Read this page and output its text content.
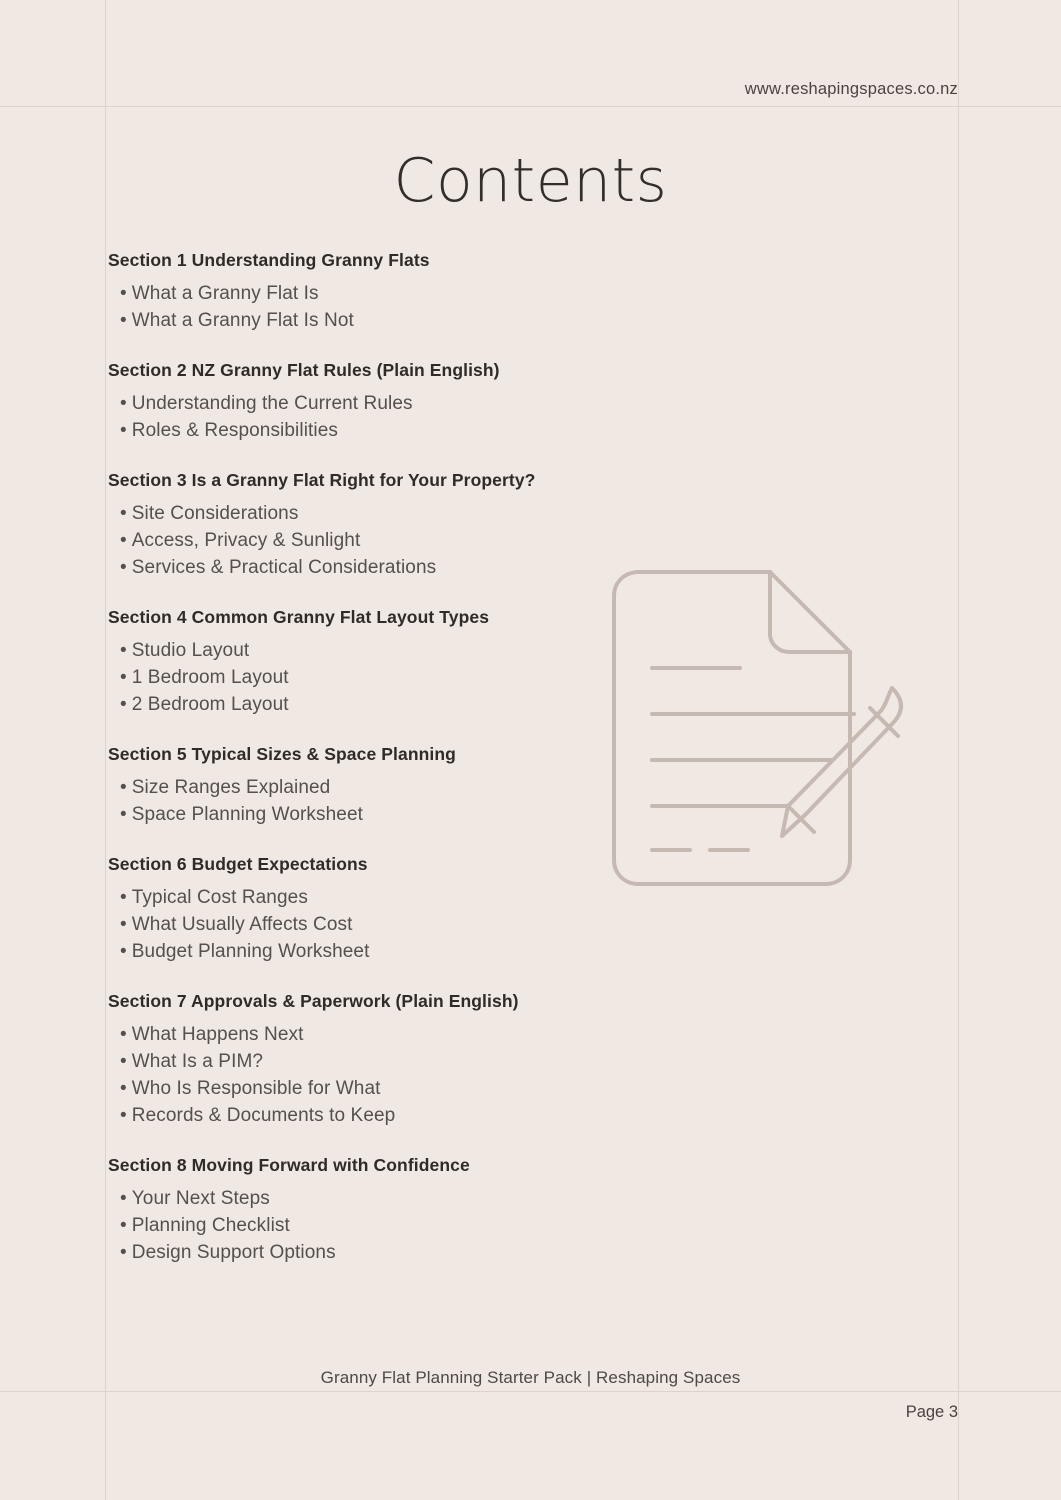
www.reshapingspaces.co.nz
Contents
Section 1 Understanding Granny Flats
• What a Granny Flat Is
• What a Granny Flat Is Not
Section 2 NZ Granny Flat Rules (Plain English)
• Understanding the Current Rules
• Roles & Responsibilities
Section 3 Is a Granny Flat Right for Your Property?
• Site Considerations
• Access, Privacy & Sunlight
• Services & Practical Considerations
Section 4 Common Granny Flat Layout Types
• Studio Layout
• 1 Bedroom Layout
• 2 Bedroom Layout
Section 5 Typical Sizes & Space Planning
• Size Ranges Explained
• Space Planning Worksheet
Section 6 Budget Expectations
• Typical Cost Ranges
• What Usually Affects Cost
• Budget Planning Worksheet
Section 7 Approvals & Paperwork (Plain English)
• What Happens Next
• What Is a PIM?
• Who Is Responsible for What
• Records & Documents to Keep
Section 8 Moving Forward with Confidence
• Your Next Steps
• Planning Checklist
• Design Support Options
Granny Flat Planning Starter Pack | Reshaping Spaces
Page 3
